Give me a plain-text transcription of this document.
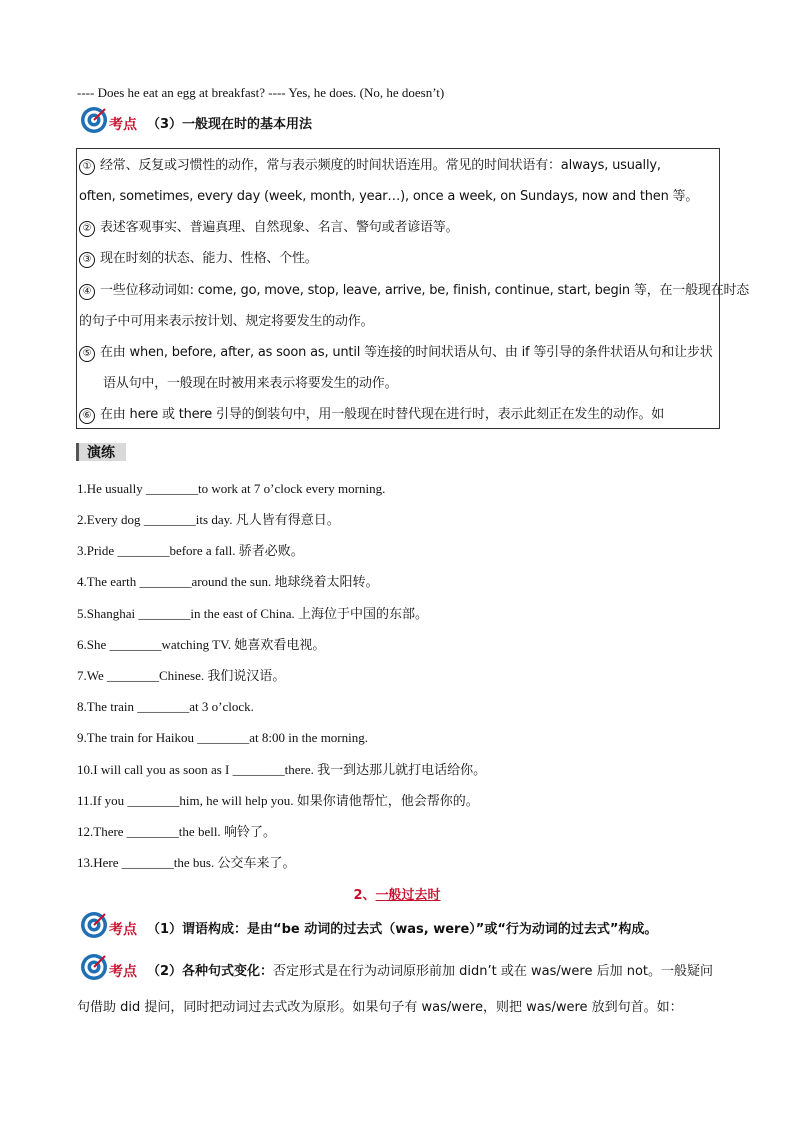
---- Does he eat an egg at breakfast? ---- Yes, he does. (No, he doesn’t)
考点 （3）一般现在时的基本用法
① 经常、反复或习惯性的动作，常与表示频度的时间状语连用。常见的时间状语有：always, usually,
often, sometimes, every day (week, month, year…), once a week, on Sundays, now and then 等。
② 表述客观事实、普遍真理、自然现象、名言、警句或者谚语等。
③ 现在时刻的状态、能力、性格、个性。
④ 一些位移动词如: come, go, move, stop, leave, arrive, be, finish, continue, start, begin 等，在一般现在时态
的句子中可用来表示按计划、规定将要发生的动作。
⑤ 在由 when, before, after, as soon as, until 等连接的时间状语从句、由 if 等引导的条件状语从句和让步状
语从句中，一般现在时被用来表示将要发生的动作。
⑥ 在由 here 或 there 引导的倒装句中，用一般现在时替代现在进行时，表示此刻正在发生的动作。如
演练
1.He usually ________to work at 7 o’clock every morning.
2.Every dog ________its day. 凡人皆有得意日。
3.Pride ________before a fall. 骄者必败。
4.The earth ________around the sun. 地球绕着太阳转。
5.Shanghai ________in the east of China. 上海位于中国的东部。
6.She ________watching TV. 她喜欢看电视。
7.We ________Chinese. 我们说汉语。
8.The train ________at 3 o’clock.
9.The train for Haikou ________at 8:00 in the morning.
10.I will call you as soon as I ________there. 我一到达那儿就打电话给你。
11.If you ________him, he will help you. 如果你请他帮忙，他会帮你的。
12.There ________the bell. 响铃了。
13.Here ________the bus. 公交车来了。
2、一般过去时
考点 （1）谓语构成：是由“be 动词的过去式（was, were）”或“行为动词的过去式”构成。
考点 （2）各种句式变化：否定形式是在行为动词原形前加 didn’t 或在 was/were 后加 not。一般疑问
句借助 did 提问，同时把动词过去式改为原形。如果句子有 was/were，则把 was/were 放到句首。如：
